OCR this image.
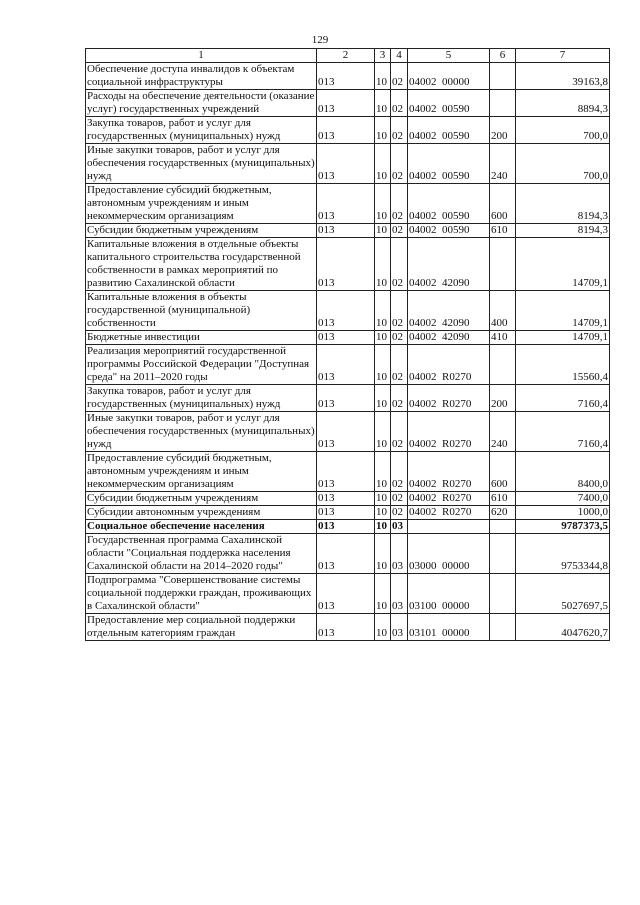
129
1	2	3	4	5	6	7
Обеспечение доступа инвалидов к объектам социальной инфраструктуры	013	10	02	04002  00000		39163,8
Расходы на обеспечение деятельности (оказание услуг) государственных учреждений	013	10	02	04002  00590		8894,3
Закупка товаров, работ и услуг для государственных (муниципальных) нужд	013	10	02	04002  00590	200	700,0
Иные закупки товаров, работ и услуг для обеспечения государственных (муниципальных) нужд	013	10	02	04002  00590	240	700,0
Предоставление субсидий бюджетным, автономным учреждениям и иным некоммерческим организациям	013	10	02	04002  00590	600	8194,3
Субсидии бюджетным учреждениям	013	10	02	04002  00590	610	8194,3
Капитальные вложения в отдельные объекты капитального строительства государственной собственности в рамках мероприятий по развитию Сахалинской области	013	10	02	04002  42090		14709,1
Капитальные вложения в объекты государственной (муниципальной) собственности	013	10	02	04002  42090	400	14709,1
Бюджетные инвестиции	013	10	02	04002  42090	410	14709,1
Реализация мероприятий государственной программы Российской Федерации "Доступная среда" на 2011–2020 годы	013	10	02	04002  R0270		15560,4
Закупка товаров, работ и услуг для государственных (муниципальных) нужд	013	10	02	04002  R0270	200	7160,4
Иные закупки товаров, работ и услуг для обеспечения государственных (муниципальных) нужд	013	10	02	04002  R0270	240	7160,4
Предоставление субсидий бюджетным, автономным учреждениям и иным некоммерческим организациям	013	10	02	04002  R0270	600	8400,0
Субсидии бюджетным учреждениям	013	10	02	04002  R0270	610	7400,0
Субсидии автономным учреждениям	013	10	02	04002  R0270	620	1000,0
Социальное обеспечение населения	013	10	03			9787373,5
Государственная программа Сахалинской области "Социальная поддержка населения Сахалинской области на 2014–2020 годы"	013	10	03	03000  00000		9753344,8
Подпрограмма "Совершенствование системы социальной поддержки граждан, проживающих в Сахалинской области"	013	10	03	03100  00000		5027697,5
Предоставление мер социальной поддержки отдельным категориям граждан	013	10	03	03101  00000		4047620,7
